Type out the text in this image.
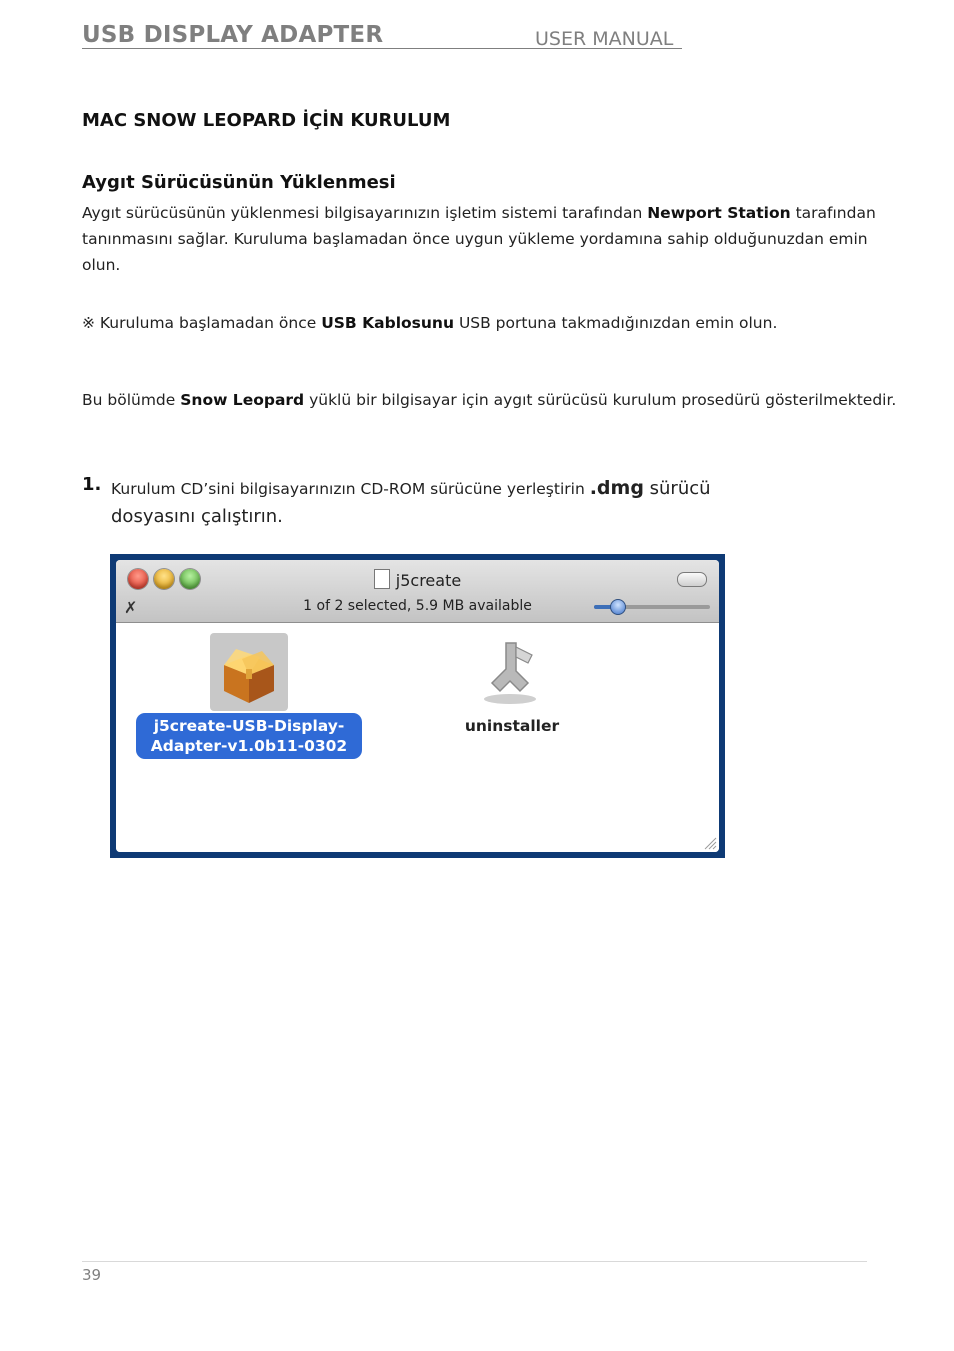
USB DISPLAY ADAPTER	USER MANUAL
MAC SNOW LEOPARD İÇİN KURULUM
Aygıt Sürücüsünün Yüklenmesi
Aygıt sürücüsünün yüklenmesi bilgisayarınızın işletim sistemi tarafından Newport Station tarafından tanınmasını sağlar. Kuruluma başlamadan önce uygun yükleme yordamına sahip olduğunuzdan emin olun.
※ Kuruluma başlamadan önce USB Kablosunu USB portuna takmadığınızdan emin olun.
Bu bölümde Snow Leopard yüklü bir bilgisayar için aygıt sürücüsü kurulum prosedürü gösterilmektedir.
1. Kurulum CD’sini bilgisayarınızın CD-ROM sürücüne yerleştirin .dmg sürücü
dosyasını çalıştırın.
j5create
✗	1 of 2 selected, 5.9 MB available
j5create-USB-Display-Adapter-v1.0b11-0302
uninstaller
39
